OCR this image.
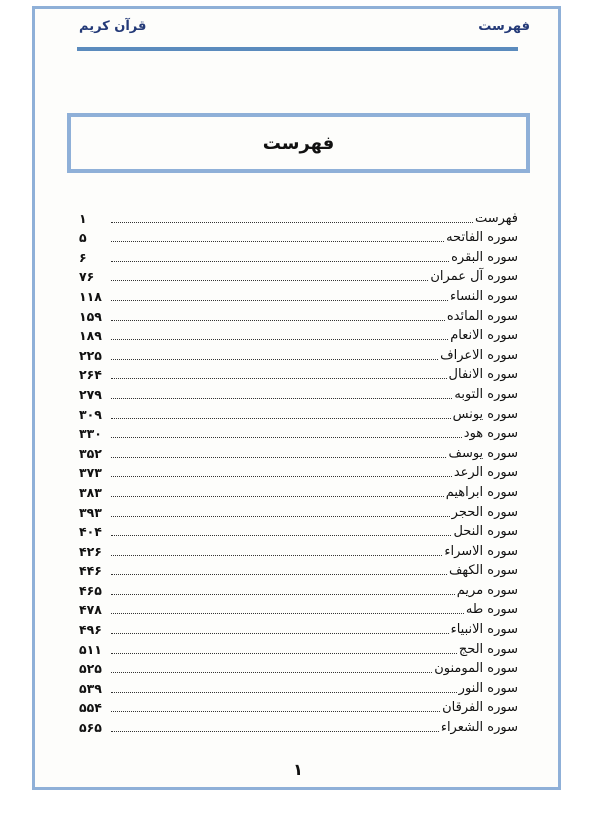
قرآن کریم	فهرست
فهرست
۱	فهرست
۵	سوره الفاتحه
۶	سوره البقره
۷۶	سوره آل عمران
۱۱۸	سوره النساء
۱۵۹	سوره المائده
۱۸۹	سوره الانعام
۲۲۵	سوره الاعراف
۲۶۴	سوره الانفال
۲۷۹	سوره التوبه
۳۰۹	سوره یونس
۳۳۰	سوره هود
۳۵۲	سوره یوسف
۳۷۳	سوره الرعد
۳۸۳	سوره ابراهیم
۳۹۳	سوره الحجر
۴۰۴	سوره النحل
۴۲۶	سوره الاسراء
۴۴۶	سوره الکهف
۴۶۵	سوره مریم
۴۷۸	سوره طه
۴۹۶	سوره الانبیاء
۵۱۱	سوره الحج
۵۲۵	سوره المومنون
۵۳۹	سوره النور
۵۵۴	سوره الفرقان
۵۶۵	سوره الشعراء
۱
